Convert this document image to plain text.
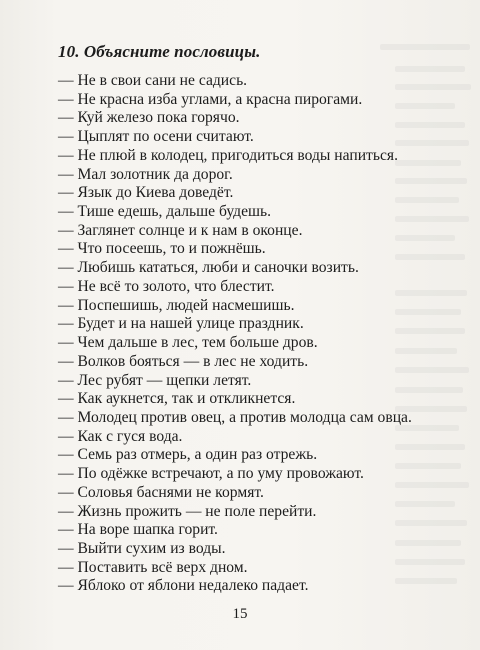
10. Объясните пословицы.
— Не в свои сани не садись.
— Не красна изба углами, а красна пирогами.
— Куй железо пока горячо.
— Цыплят по осени считают.
— Не плюй в колодец, пригодиться воды напиться.
— Мал золотник да дорог.
— Язык до Киева доведёт.
— Тише едешь, дальше будешь.
— Заглянет солнце и к нам в оконце.
— Что посеешь, то и пожнёшь.
— Любишь кататься, люби и саночки возить.
— Не всё то золото, что блестит.
— Поспешишь, людей насмешишь.
— Будет и на нашей улице праздник.
— Чем дальше в лес, тем больше дров.
— Волков бояться — в лес не ходить.
— Лес рубят — щепки летят.
— Как аукнется, так и откликнется.
— Молодец против овец, а против молодца сам овца.
— Как с гуся вода.
— Семь раз отмерь, а один раз отрежь.
— По одёжке встречают, а по уму провожают.
— Соловья баснями не кормят.
— Жизнь прожить — не поле перейти.
— На воре шапка горит.
— Выйти сухим из воды.
— Поставить всё верх дном.
— Яблоко от яблони недалеко падает.
15
